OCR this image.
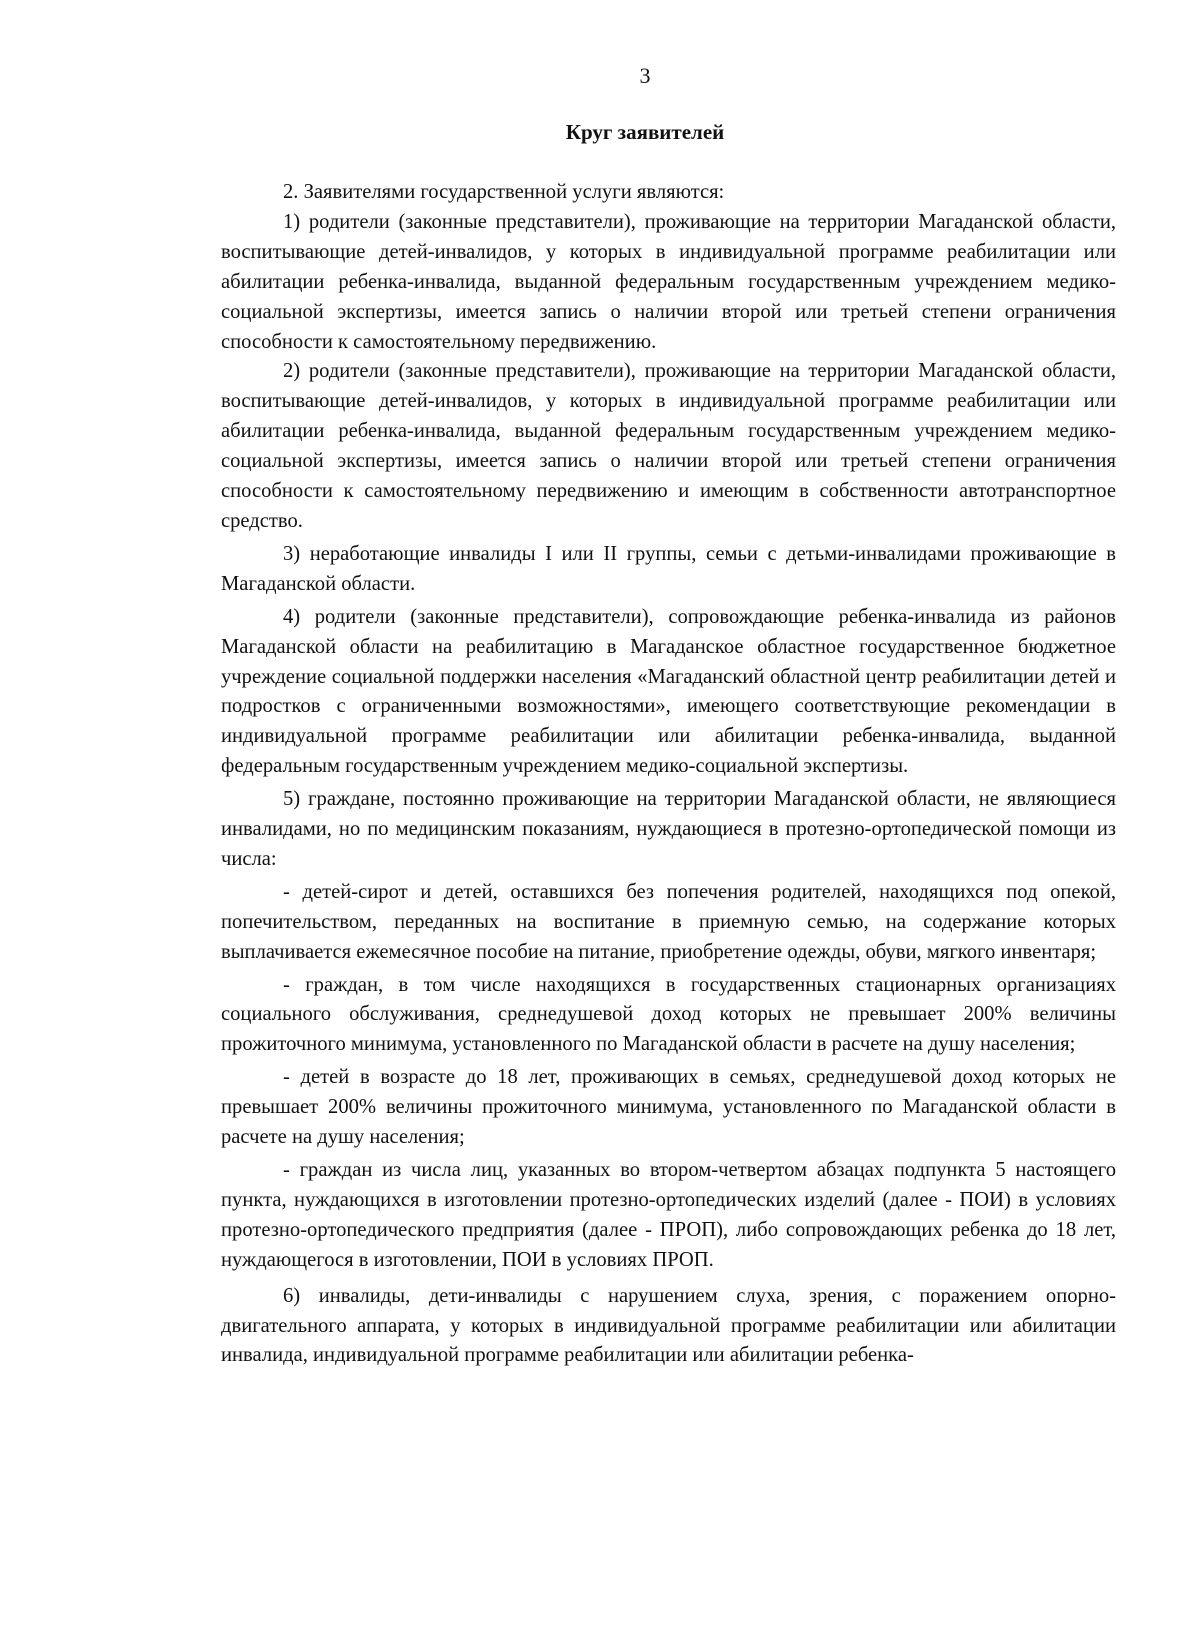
3
Круг заявителей

2. Заявителями государственной услуги являются:

1) родители (законные представители), проживающие на территории Магаданской области, воспитывающие детей-инвалидов, у которых в индивидуальной программе реабилитации или абилитации ребенка-инвалида, выданной федеральным государственным учреждением медико-социальной экспертизы, имеется запись о наличии второй или третьей степени ограничения способности к самостоятельному передвижению.

2) родители (законные представители), проживающие на территории Магаданской области, воспитывающие детей-инвалидов, у которых в индивидуальной программе реабилитации или абилитации ребенка-инвалида, выданной федеральным государственным учреждением медико-социальной экспертизы, имеется запись о наличии второй или третьей степени ограничения способности к самостоятельному передвижению и имеющим в собственности автотранспортное средство.

3) неработающие инвалиды I или II группы, семьи с детьми-инвалидами проживающие в Магаданской области.

4) родители (законные представители), сопровождающие ребенка-инвалида из районов Магаданской области на реабилитацию в Магаданское областное государственное бюджетное учреждение социальной поддержки населения «Магаданский областной центр реабилитации детей и подростков с ограниченными возможностями», имеющего соответствующие рекомендации в индивидуальной программе реабилитации или абилитации ребенка-инвалида, выданной федеральным государственным учреждением медико-социальной экспертизы.

5) граждане, постоянно проживающие на территории Магаданской области, не являющиеся инвалидами, но по медицинским показаниям, нуждающиеся в протезно-ортопедической помощи из числа:

- детей-сирот и детей, оставшихся без попечения родителей, находящихся под опекой, попечительством, переданных на воспитание в приемную семью, на содержание которых выплачивается ежемесячное пособие на питание, приобретение одежды, обуви, мягкого инвентаря;

- граждан, в том числе находящихся в государственных стационарных организациях социального обслуживания, среднедушевой доход которых не превышает 200% величины прожиточного минимума, установленного по Магаданской области в расчете на душу населения;

- детей в возрасте до 18 лет, проживающих в семьях, среднедушевой доход которых не превышает 200% величины прожиточного минимума, установленного по Магаданской области в расчете на душу населения;

- граждан из числа лиц, указанных во втором-четвертом абзацах подпункта 5 настоящего пункта, нуждающихся в изготовлении протезно-ортопедических изделий (далее - ПОИ) в условиях протезно-ортопедического предприятия (далее - ПРОП), либо сопровождающих ребенка до 18 лет, нуждающегося в изготовлении, ПОИ в условиях ПРОП.

6) инвалиды, дети-инвалиды с нарушением слуха, зрения, с поражением опорно-двигательного аппарата, у которых в индивидуальной программе реабилитации или абилитации инвалида, индивидуальной программе реабилитации или абилитации ребенка-
